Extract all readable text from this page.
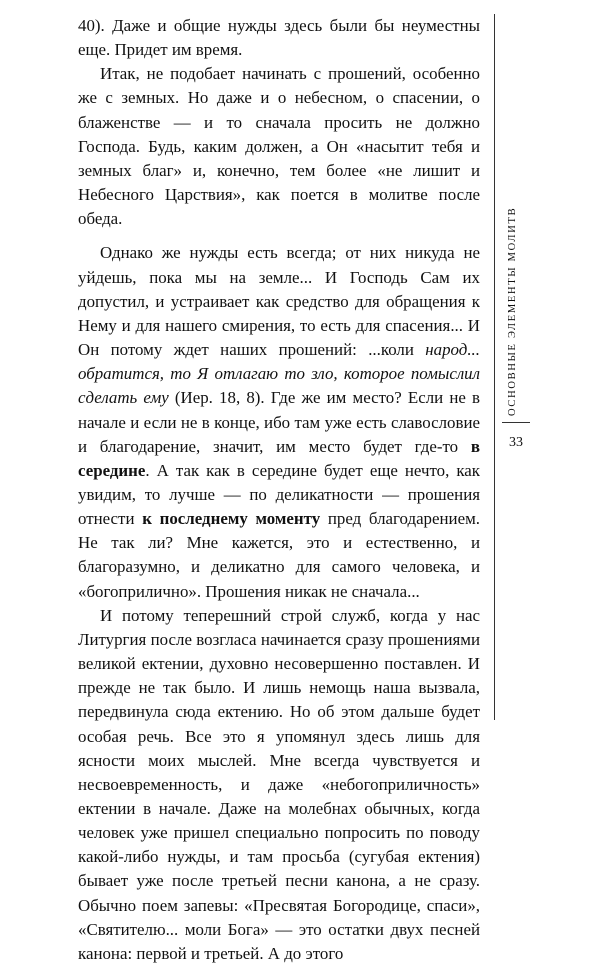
40). Даже и общие нужды здесь были бы неуместны еще. Придет им время.

Итак, не подобает начинать с прошений, особенно же с земных. Но даже и о небесном, о спасении, о блаженстве — и то сначала просить не должно Господа. Будь, каким должен, а Он «насытит тебя и земных благ» и, конечно, тем более «не лишит и Небесного Царствия», как поется в молитве после обеда.

Однако же нужды есть всегда; от них никуда не уйдешь, пока мы на земле... И Господь Сам их допустил, и устраивает как средство для обращения к Нему и для нашего смирения, то есть для спасения... И Он потому ждет наших прошений: ...коли народ... обратится, то Я отлагаю то зло, которое помыслил сделать ему (Иер. 18, 8). Где же им место? Если не в начале и если не в конце, ибо там уже есть славословие и благодарение, значит, им место будет где-то в середине. А так как в середине будет еще нечто, как увидим, то лучше — по деликатности — прошения отнести к последнему моменту пред благодарением. Не так ли? Мне кажется, это и естественно, и благоразумно, и деликатно для самого человека, и «богоприлично». Прошения никак не сначала...

И потому теперешний строй служб, когда у нас Литургия после возгласа начинается сразу прошениями великой ектении, духовно несовершенно поставлен. И прежде не так было. И лишь немощь наша вызвала, передвинула сюда ектению. Но об этом дальше будет особая речь. Все это я упомянул здесь лишь для ясности моих мыслей. Мне всегда чувствуется и несвоевременность, и даже «небогоприличность» ектении в начале. Даже на молебнах обычных, когда человек уже пришел специально попросить по поводу какой-либо нужды, и там просьба (сугубая ектения) бывает уже после третьей песни канона, а не сразу. Обычно поем запевы: «Пресвятая Богородице, спаси», «Святителю... моли Бога» — это остатки двух песней канона: первой и третьей. А до этого

ОСНОВНЫЕ ЭЛЕМЕНТЫ МОЛИТВ
33
